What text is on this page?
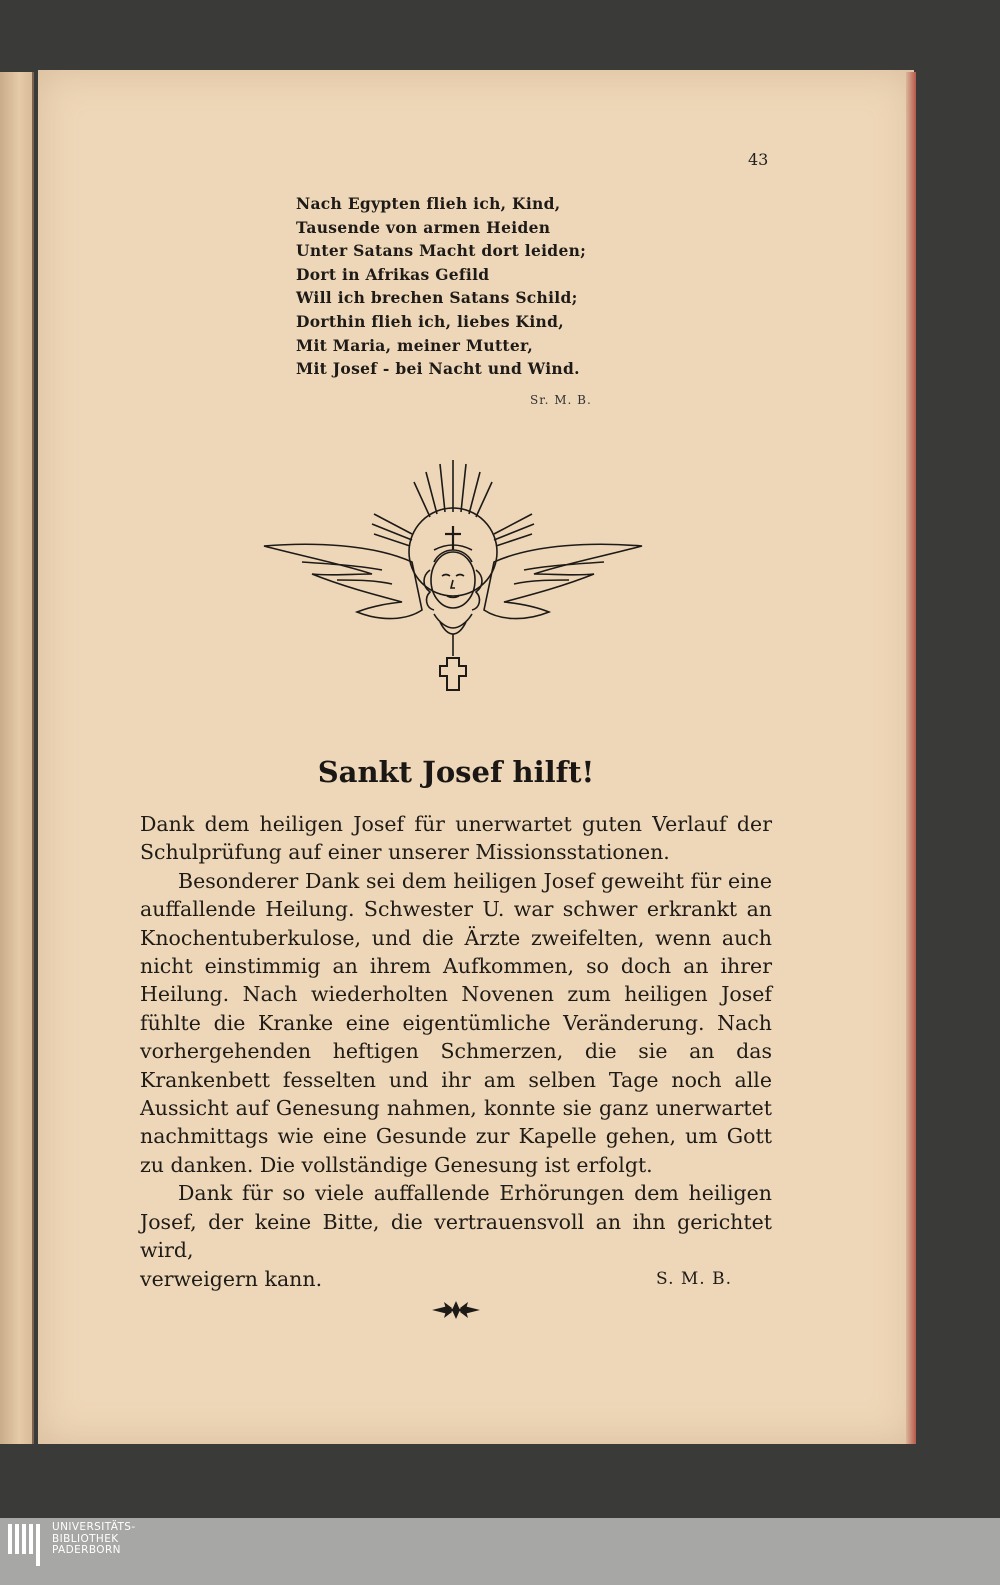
43
Nach Egypten flieh ich, Kind,
Tausende von armen Heiden
Unter Satans Macht dort leiden;
Dort in Afrikas Gefild
Will ich brechen Satans Schild;
Dorthin flieh ich, liebes Kind,
Mit Maria, meiner Mutter,
Mit Josef - bei Nacht und Wind.
Sr. M. B.
Sankt Josef hilft!

Dank dem heiligen Josef für unerwartet guten Verlauf der Schulprüfung auf einer unserer Missionsstationen.

Besonderer Dank sei dem heiligen Josef geweiht für eine auffallende Heilung. Schwester U. war schwer erkrankt an Knochentuberkulose, und die Ärzte zweifelten, wenn auch nicht einstimmig an ihrem Aufkommen, so doch an ihrer Heilung. Nach wiederholten Novenen zum heiligen Josef fühlte die Kranke eine eigentümliche Veränderung. Nach vorhergehenden heftigen Schmerzen, die sie an das Krankenbett fesselten und ihr am selben Tage noch alle Aussicht auf Genesung nahmen, konnte sie ganz unerwartet nachmittags wie eine Gesunde zur Kapelle gehen, um Gott zu danken. Die vollständige Genesung ist erfolgt.

Dank für so viele auffallende Erhörungen dem heiligen Josef, der keine Bitte, die vertrauensvoll an ihn gerichtet wird,

verweigern kann.	S. M. B.

UNIVERSITÄTS-
BIBLIOTHEK
PADERBORN
